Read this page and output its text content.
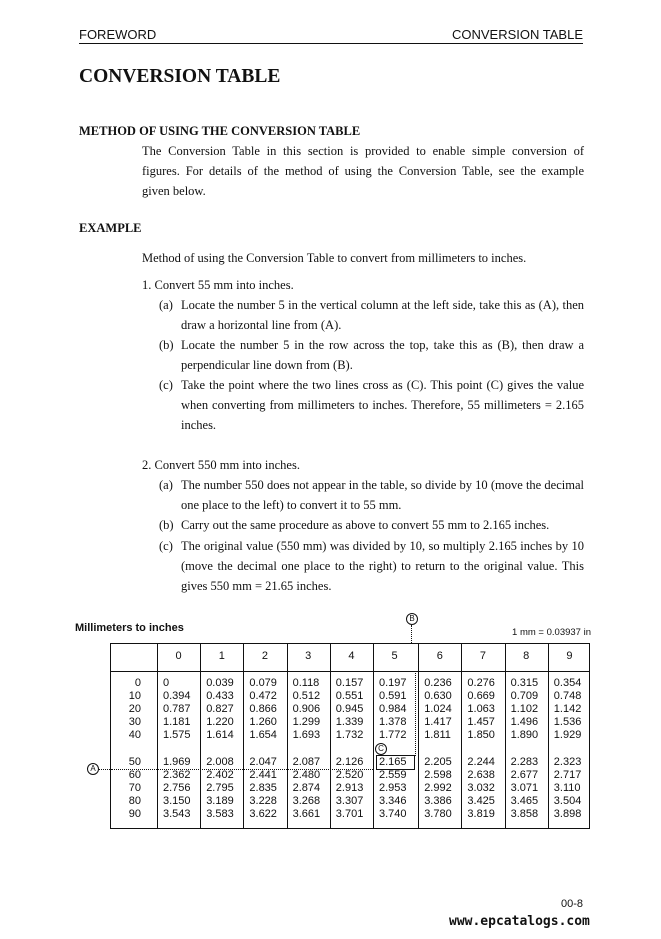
FOREWORD	CONVERSION TABLE
CONVERSION TABLE
METHOD OF USING THE CONVERSION TABLE
The Conversion Table in this section is provided to enable simple conversion of
figures. For details of the method of using the Conversion Table, see the example
given below.
EXAMPLE
Method of using the Conversion Table to convert from millimeters to inches.
1. Convert 55 mm into inches.
(a) Locate the number 5 in the vertical column at the left side, take this as (A), then draw a horizontal line from (A).
(b) Locate the number 5 in the row across the top, take this as (B), then draw a perpendicular line down from (B).
(c) Take the point where the two lines cross as (C). This point (C) gives the value when converting from millimeters to inches. Therefore, 55 millimeters = 2.165 inches.
2. Convert 550 mm into inches.
(a) The number 550 does not appear in the table, so divide by 10 (move the decimal one place to the left) to convert it to 55 mm.
(b) Carry out the same procedure as above to convert 55 mm to 2.165 inches.
(c) The original value (550 mm) was divided by 10, so multiply 2.165 inches by 10 (move the decimal one place to the right) to return to the original value. This gives 550 mm = 21.65 inches.
Millimeters to inches	1 mm = 0.03937 in
B
A
0	1	2	3	4	5	6	7	8	9
0 0	0.039 0.079 0.118 0.157 0.197 0.236 0.276 0.315 0.354
10 0.394 0.433 0.472 0.512 0.551 0.591 0.630 0.669 0.709 0.748
20 0.787 0.827 0.866 0.906 0.945 0.984 1.024 1.063 1.102 1.142
30 1.181 1.220 1.260 1.299 1.339 1.378 1.417 1.457 1.496 1.536
40 1.575 1.614 1.654 1.693 1.732 1.772 1.811 1.850 1.890 1.929
50 1.969 2.008 2.047 2.087 2.126 2.165 2.205 2.244 2.283 2.323
60 2.362 2.402 2.441 2.480 2.520 2.559 2.598 2.638 2.677 2.717
70 2.756 2.795 2.835 2.874 2.913 2.953 2.992 3.032 3.071 3.110
80 3.150 3.189 3.228 3.268 3.307 3.346 3.386 3.425 3.465 3.504
90 3.543 3.583 3.622 3.661 3.701 3.740 3.780 3.819 3.858 3.898
C
00-8
www.epcatalogs.com
